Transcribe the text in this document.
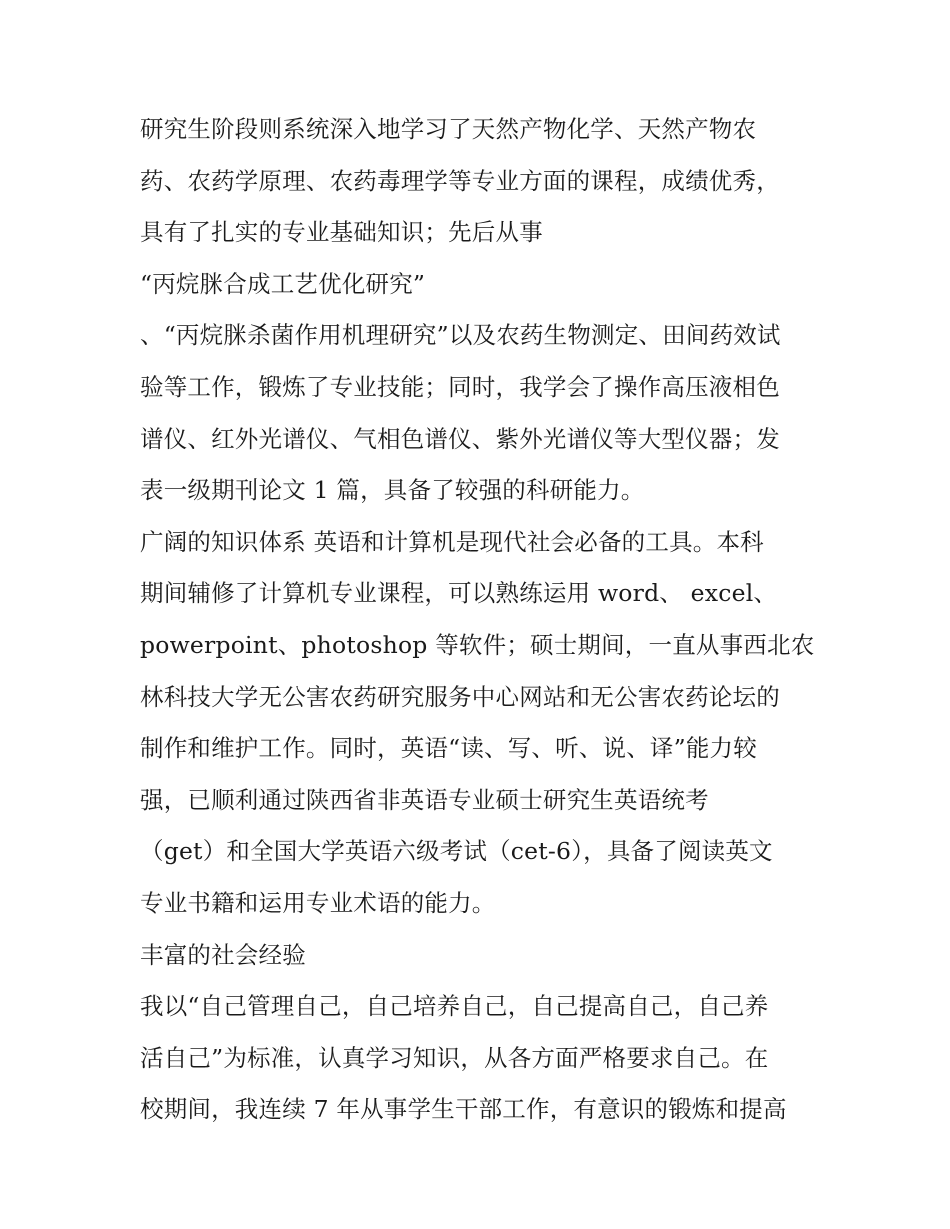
研究生阶段则系统深入地学习了天然产物化学、天然产物农
药、农药学原理、农药毒理学等专业方面的课程，成绩优秀，
具有了扎实的专业基础知识；先后从事
“丙烷脒合成工艺优化研究”
、“丙烷脒杀菌作用机理研究”以及农药生物测定、田间药效试
验等工作，锻炼了专业技能；同时，我学会了操作高压液相色
谱仪、红外光谱仪、气相色谱仪、紫外光谱仪等大型仪器；发
表一级期刊论文 1 篇，具备了较强的科研能力。
广阔的知识体系 英语和计算机是现代社会必备的工具。本科
期间辅修了计算机专业课程，可以熟练运用 word、 excel、
powerpoint、photoshop 等软件；硕士期间，一直从事西北农
林科技大学无公害农药研究服务中心网站和无公害农药论坛的
制作和维护工作。同时，英语“读、写、听、说、译”能力较
强，已顺利通过陕西省非英语专业硕士研究生英语统考
（get）和全国大学英语六级考试（cet-6），具备了阅读英文
专业书籍和运用专业术语的能力。
丰富的社会经验
我以“自己管理自己，自己培养自己，自己提高自己，自己养
活自己”为标准，认真学习知识，从各方面严格要求自己。在
校期间，我连续 7 年从事学生干部工作，有意识的锻炼和提高
